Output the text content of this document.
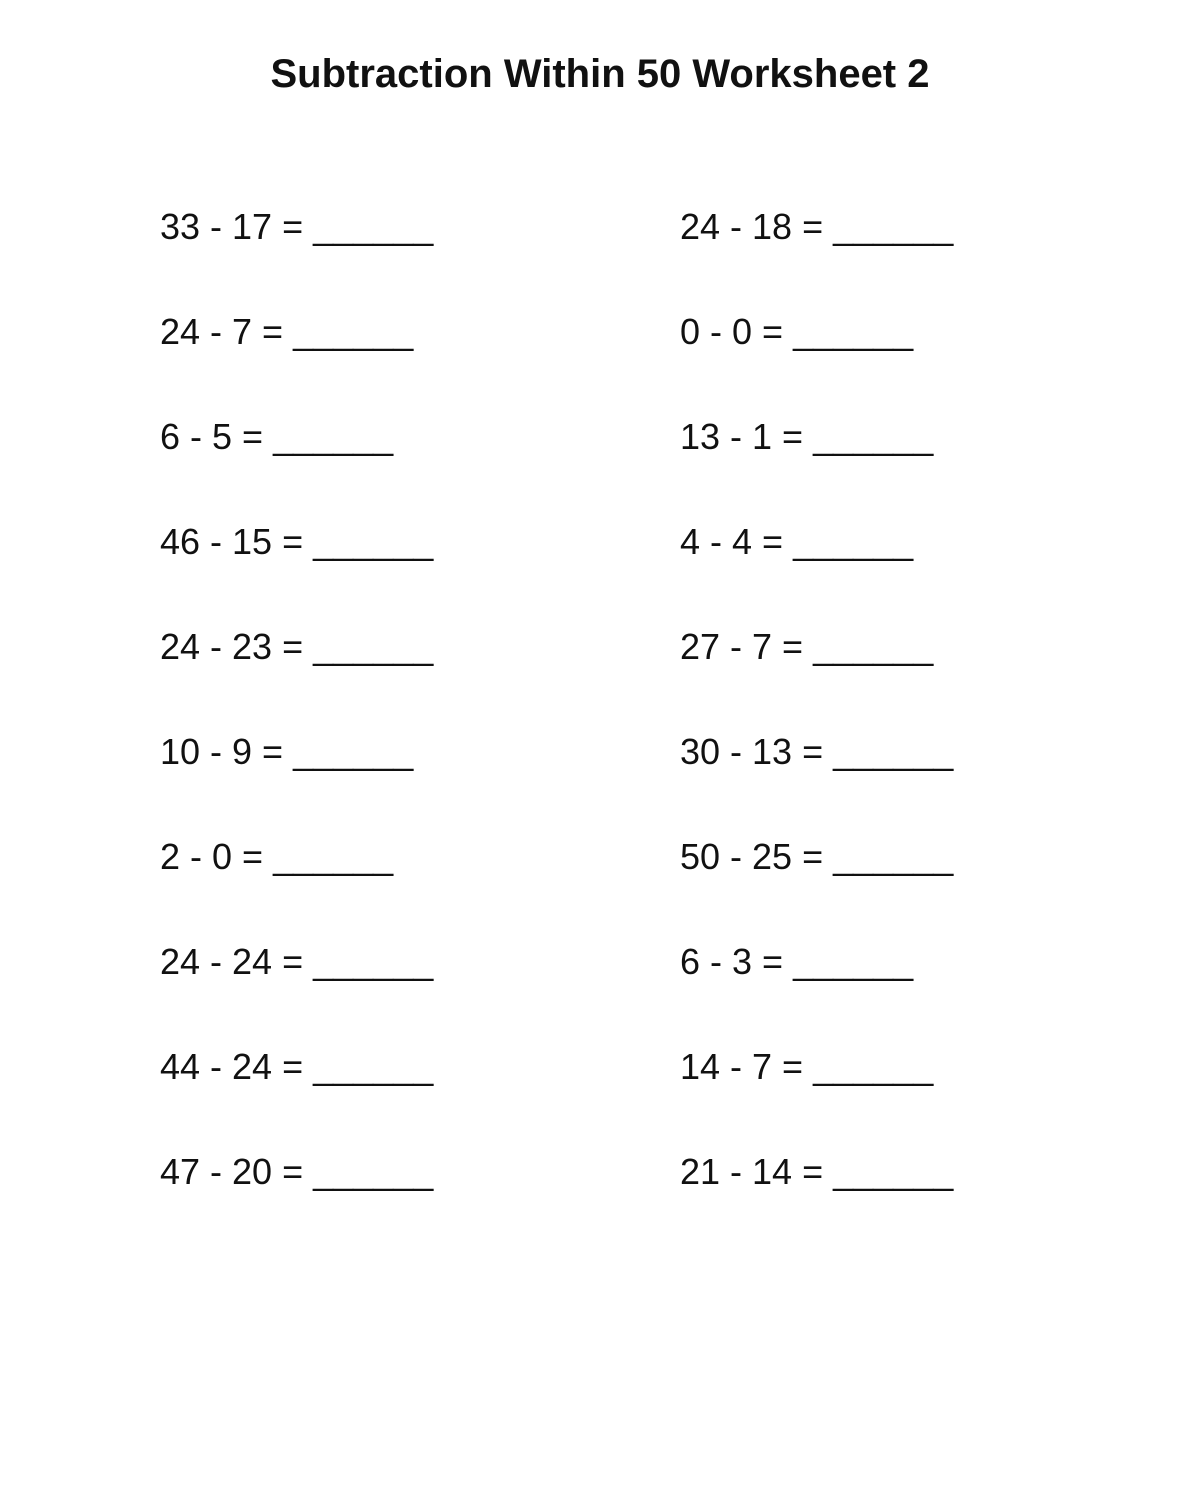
Subtraction Within 50 Worksheet 2
33 - 17 = ______	24 - 18 = ______
24 - 7 = ______	0 - 0 = ______
6 - 5 = ______	13 - 1 = ______
46 - 15 = ______	4 - 4 = ______
24 - 23 = ______	27 - 7 = ______
10 - 9 = ______	30 - 13 = ______
2 - 0 = ______	50 - 25 = ______
24 - 24 = ______	6 - 3 = ______
44 - 24 = ______	14 - 7 = ______
47 - 20 = ______	21 - 14 = ______
